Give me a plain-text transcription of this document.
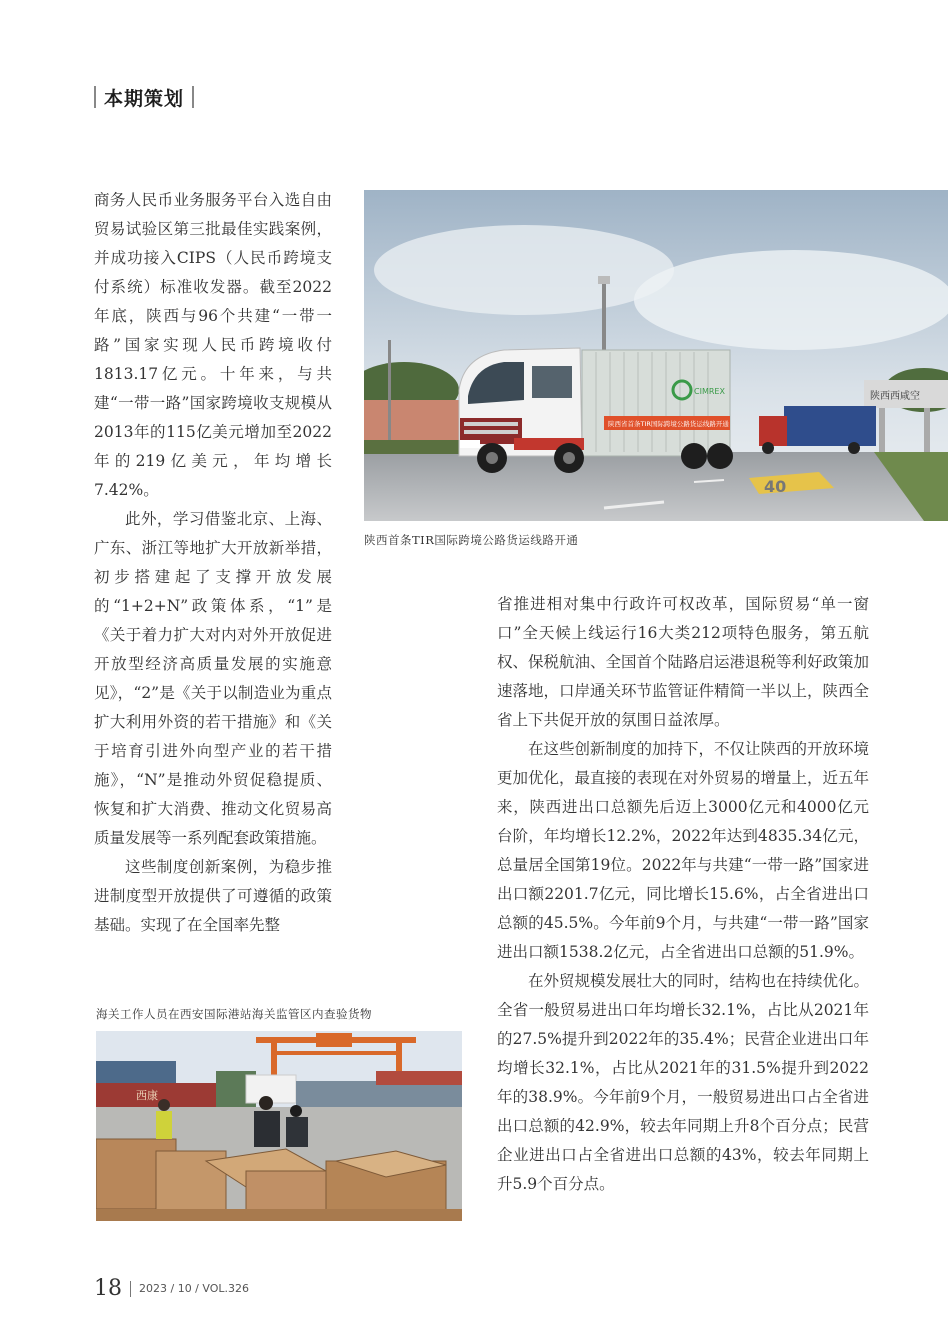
本期策划

商务人民币业务服务平台入选自由贸易试验区第三批最佳实践案例，并成功接入CIPS（人民币跨境支付系统）标准收发器。截至2022年底，陕西与96个共建“一带一路”国家实现人民币跨境收付1813.17亿元。十年来，与共建“一带一路”国家跨境收支规模从2013年的115亿美元增加至2022年的219亿美元，年均增长7.42%。

此外，学习借鉴北京、上海、广东、浙江等地扩大开放新举措，初步搭建起了支撑开放发展的“1+2+N”政策体系，“1”是《关于着力扩大对内对外开放促进开放型经济高质量发展的实施意见》，“2”是《关于以制造业为重点扩大利用外资的若干措施》和《关于培育引进外向型产业的若干措施》，“N”是推动外贸促稳提质、恢复和扩大消费、推动文化贸易高质量发展等一系列配套政策措施。

这些制度创新案例，为稳步推进制度型开放提供了可遵循的政策基础。实现了在全国率先整

省推进相对集中行政许可权改革，国际贸易“单一窗口”全天候上线运行16大类212项特色服务，第五航权、保税航油、全国首个陆路启运港退税等利好政策加速落地，口岸通关环节监管证件精简一半以上，陕西全省上下共促开放的氛围日益浓厚。

在这些创新制度的加持下，不仅让陕西的开放环境更加优化，最直接的表现在对外贸易的增量上，近五年来，陕西进出口总额先后迈上3000亿元和4000亿元台阶，年均增长12.2%，2022年达到4835.34亿元，总量居全国第19位。2022年与共建“一带一路”国家进出口额2201.7亿元，同比增长15.6%，占全省进出口总额的45.5%。今年前9个月，与共建“一带一路”国家进出口额1538.2亿元，占全省进出口总额的51.9%。

在外贸规模发展壮大的同时，结构也在持续优化。全省一般贸易进出口年均增长32.1%，占比从2021年的27.5%提升到2022年的35.4%；民营企业进出口年均增长32.1%，占比从2021年的31.5%提升到2022年的38.9%。今年前9个月，一般贸易进出口占全省进出口总额的42.9%，较去年同期上升8个百分点；民营企业进出口占全省进出口总额的43%，较去年同期上升5.9个百分点。

40
陕西西咸空
CIMREX
陕西省首条TIR国际跨境公路货运线路开通
陕西首条TIR国际跨境公路货运线路开通
海关工作人员在西安国际港站海关监管区内查验货物
西康
18 2023 / 10 / VOL.326
